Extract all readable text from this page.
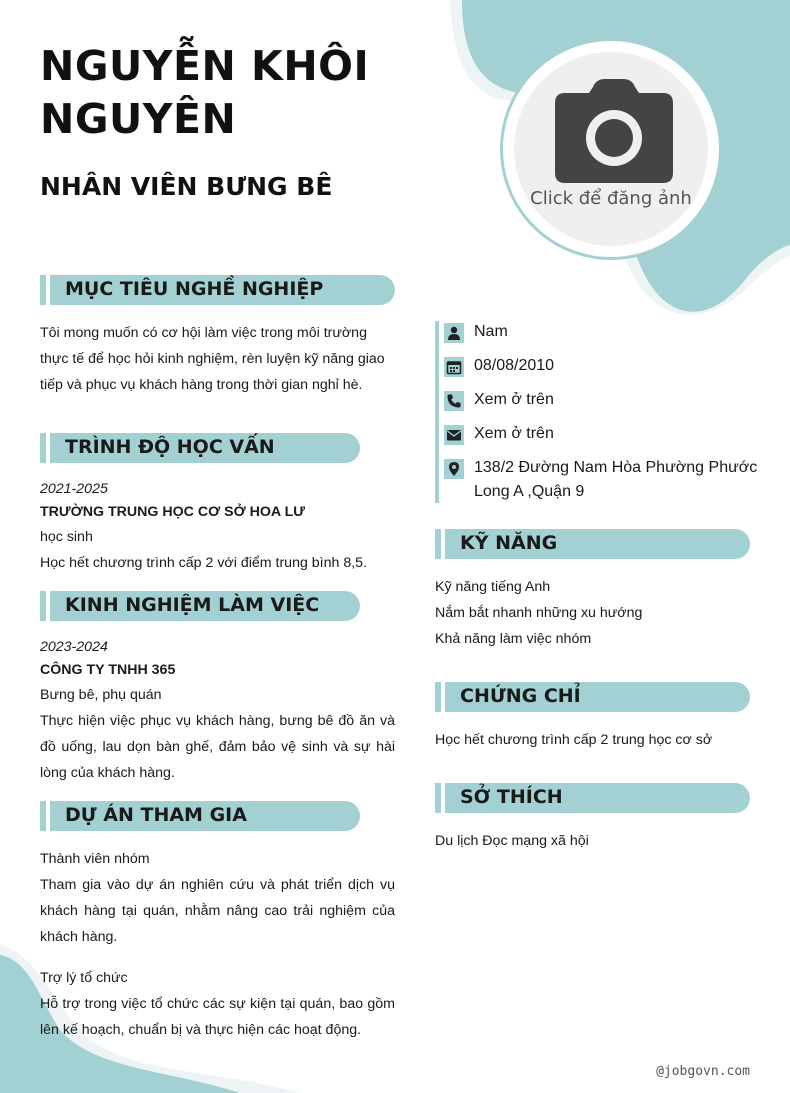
NGUYỄN KHÔI
NGUYÊN
NHÂN VIÊN BƯNG BÊ	Click để đăng ảnh
MỤC TIÊU NGHỀ NGHIỆP
Tôi mong muốn có cơ hội làm việc trong môi trường thực tế để học hỏi kinh nghiệm, rèn luyện kỹ năng giao tiếp và phục vụ khách hàng trong thời gian nghỉ hè.
TRÌNH ĐỘ HỌC VẤN
2021-2025
TRƯỜNG TRUNG HỌC CƠ SỞ HOA LƯ
học sinh
Học hết chương trình cấp 2 với điểm trung bình 8,5.
KINH NGHIỆM LÀM VIỆC
2023-2024
CÔNG TY TNHH 365
Bưng bê, phụ quán
Thực hiện việc phục vụ khách hàng, bưng bê đồ ăn và đồ uống, lau dọn bàn ghế, đảm bảo vệ sinh và sự hài lòng của khách hàng.
DỰ ÁN THAM GIA
Thành viên nhóm
Tham gia vào dự án nghiên cứu và phát triển dịch vụ khách hàng tại quán, nhằm nâng cao trải nghiệm của khách hàng.
Trợ lý tổ chức
Hỗ trợ trong việc tổ chức các sự kiện tại quán, bao gồm lên kế hoạch, chuẩn bị và thực hiện các hoạt động.
Nam
08/08/2010
Xem ở trên
Xem ở trên
138/2 Đường Nam Hòa Phường Phước Long A ,Quận 9
KỸ NĂNG
Kỹ năng tiếng Anh
Nắm bắt nhanh những xu hướng
Khả năng làm việc nhóm
CHỨNG CHỈ
Học hết chương trình cấp 2 trung học cơ sở
SỞ THÍCH
Du lịch Đọc mạng xã hội
@jobgovn.com
